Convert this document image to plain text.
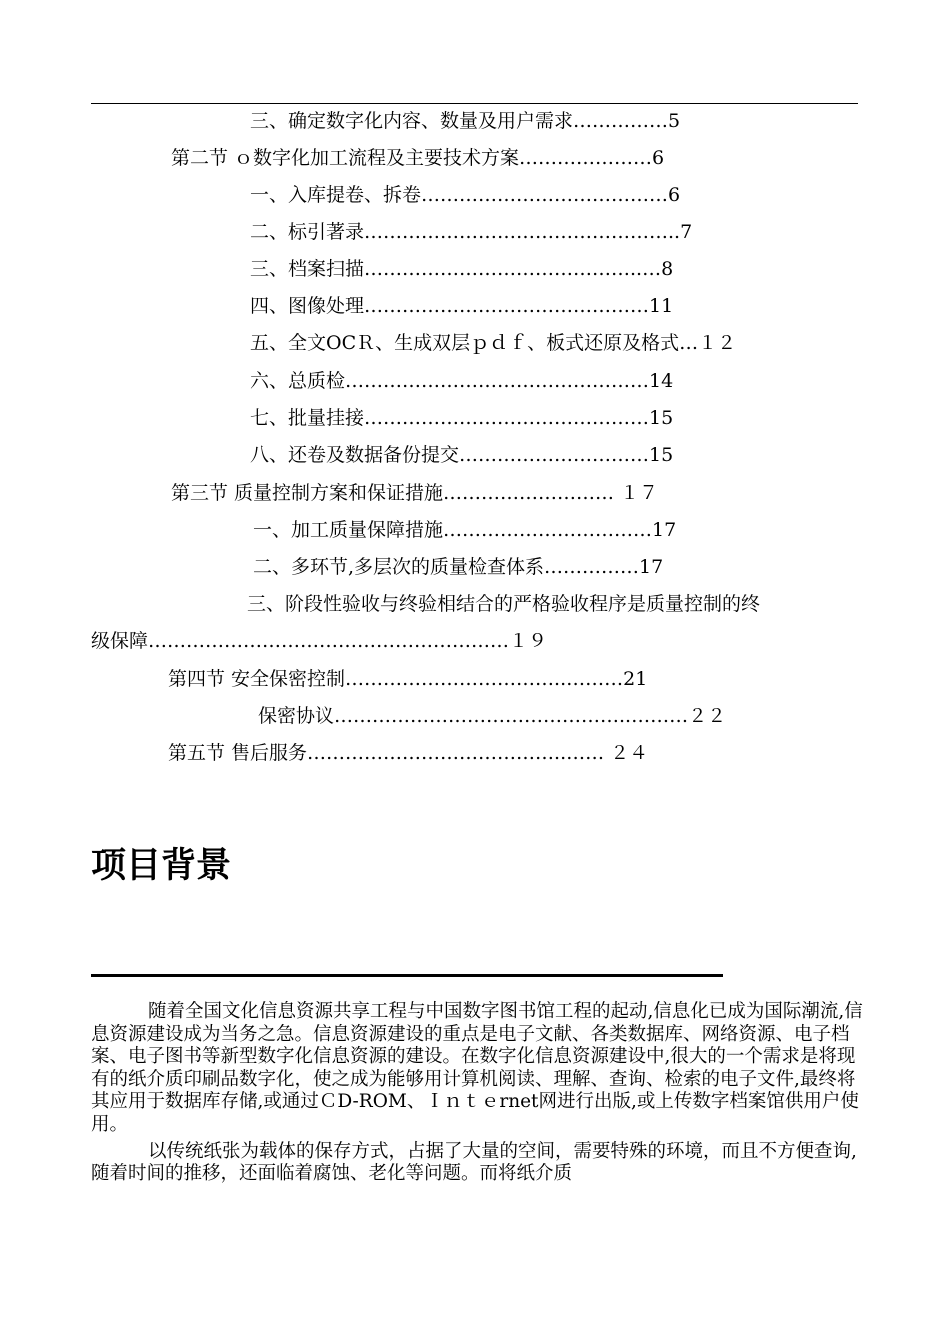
三、确定数字化内容、数量及用户需求……………5
第二节 ｏ数字化加工流程及主要技术方案…………………6
一、入库提卷、拆卷…………………………………6
二、标引著录…………………………………………..7
三、档案扫描……………………………………..…8
四、图像处理………………………………………11
五、全文OCＲ、生成双层ｐｄｆ、板式还原及格式…１２
六、总质检…………………………………………14
七、批量挂接………………………………………15
八、还卷及数据备份提交…………………………15
第三节 质量控制方案和保证措施……………………… １７
一、加工质量保障措施……………………………17
二、多环节,多层次的质量检查体系……………17
三、阶段性验收与终验相结合的严格验收程序是质量控制的终
级保障…………………………………………………１９
第四节 安全保密控制……………………………..………21
保密协议………………………………………..………２２
第五节 售后服务…………………………………..…… ２４
项目背景

随着全国文化信息资源共享工程与中国数字图书馆工程的起动,信息化已成为国际潮流,信息资源建设成为当务之急。信息资源建设的重点是电子文献、各类数据库、网络资源、电子档案、电子图书等新型数字化信息资源的建设。在数字化信息资源建设中,很大的一个需求是将现有的纸介质印刷品数字化，使之成为能够用计算机阅读、理解、查询、检索的电子文件,最终将其应用于数据库存储,或通过ＣD-ROM、Ｉｎｔｅrnet网进行出版,或上传数字档案馆供用户使用。

以传统纸张为载体的保存方式，占据了大量的空间，需要特殊的环境，而且不方便查询,随着时间的推移，还面临着腐蚀、老化等问题。而将纸介质
